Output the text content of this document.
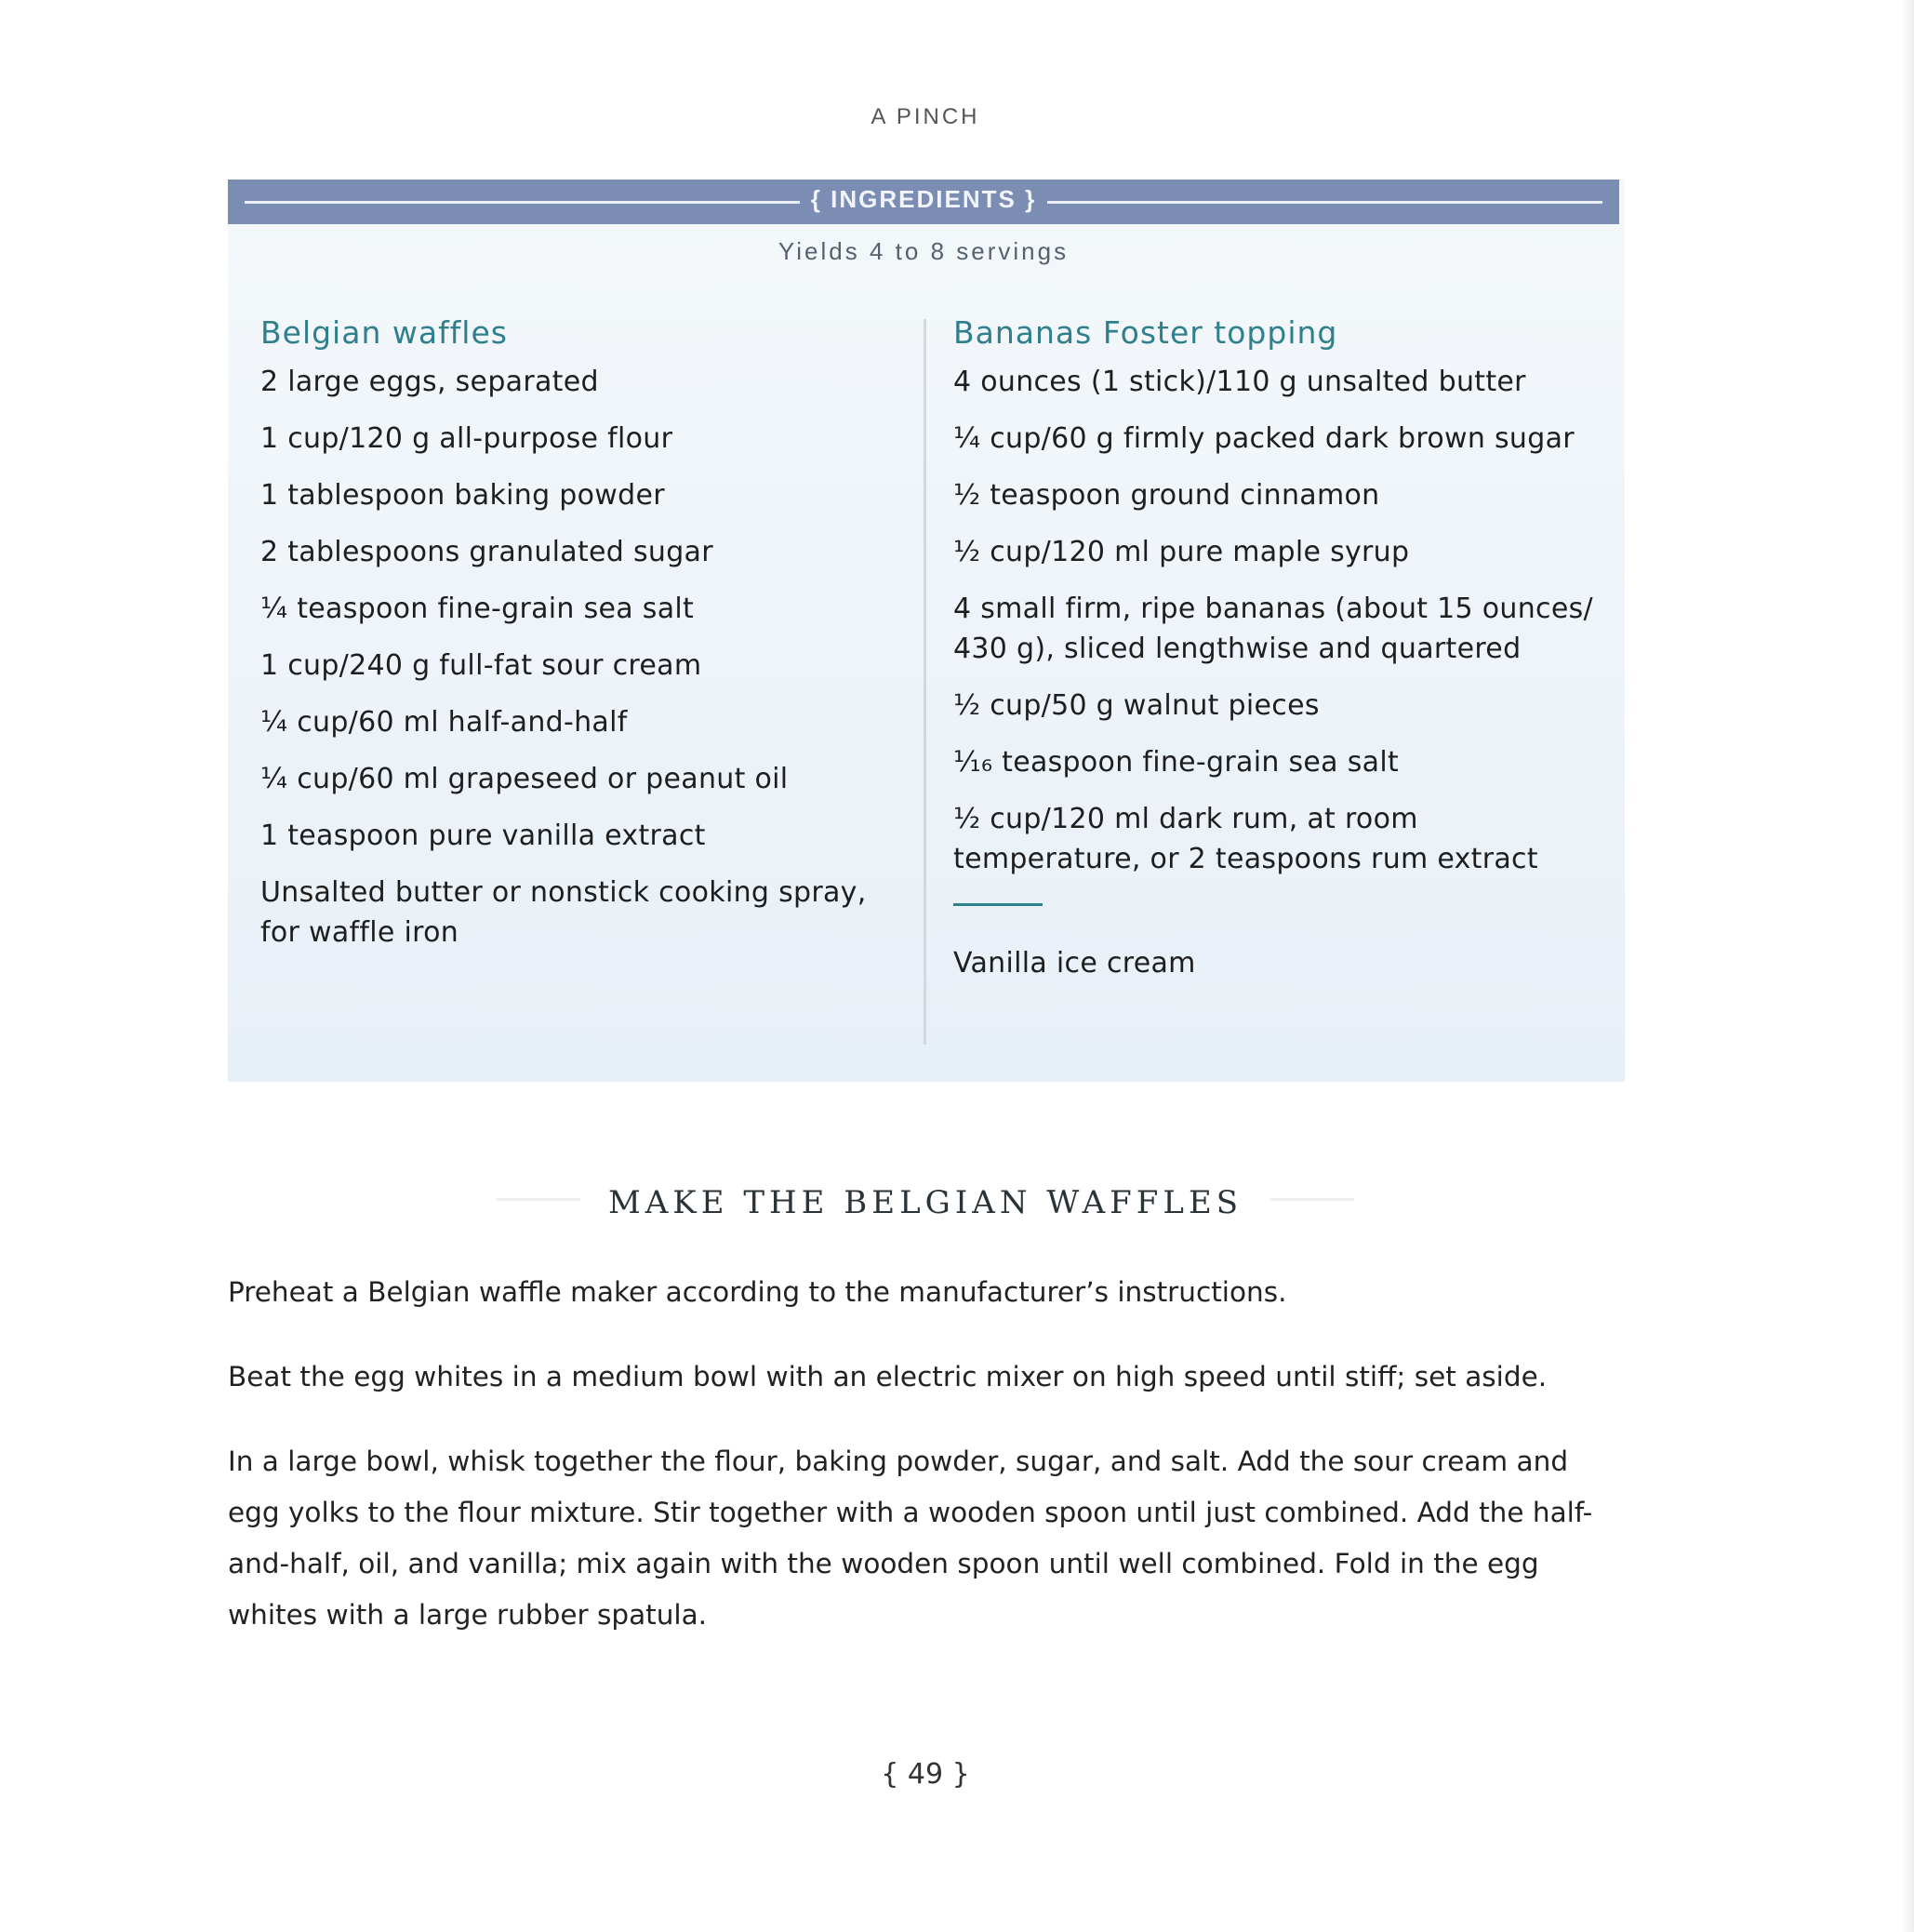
A PINCH
{ INGREDIENTS }
Yields 4 to 8 servings
Belgian waffles
2 large eggs, separated
1 cup/120 g all-purpose flour
1 tablespoon baking powder
2 tablespoons granulated sugar
¼ teaspoon fine-grain sea salt
1 cup/240 g full-fat sour cream
¼ cup/60 ml half-and-half
¼ cup/60 ml grapeseed or peanut oil
1 teaspoon pure vanilla extract
Unsalted butter or nonstick cooking spray, for waffle iron
Bananas Foster topping
4 ounces (1 stick)/110 g unsalted butter
¼ cup/60 g firmly packed dark brown sugar
½ teaspoon ground cinnamon
½ cup/120 ml pure maple syrup
4 small firm, ripe bananas (about 15 ounces/ 430 g), sliced lengthwise and quartered
½ cup/50 g walnut pieces
¹⁄₁₆ teaspoon fine-grain sea salt
½ cup/120 ml dark rum, at room temperature, or 2 teaspoons rum extract
Vanilla ice cream
MAKE THE BELGIAN WAFFLES

Preheat a Belgian waffle maker according to the manufacturer’s instructions.

Beat the egg whites in a medium bowl with an electric mixer on high speed until stiff; set aside.

In a large bowl, whisk together the flour, baking powder, sugar, and salt. Add the sour cream and egg yolks to the flour mixture. Stir together with a wooden spoon until just combined. Add the half-and-half, oil, and vanilla; mix again with the wooden spoon until well combined. Fold in the egg whites with a large rubber spatula.

{ 49 }
